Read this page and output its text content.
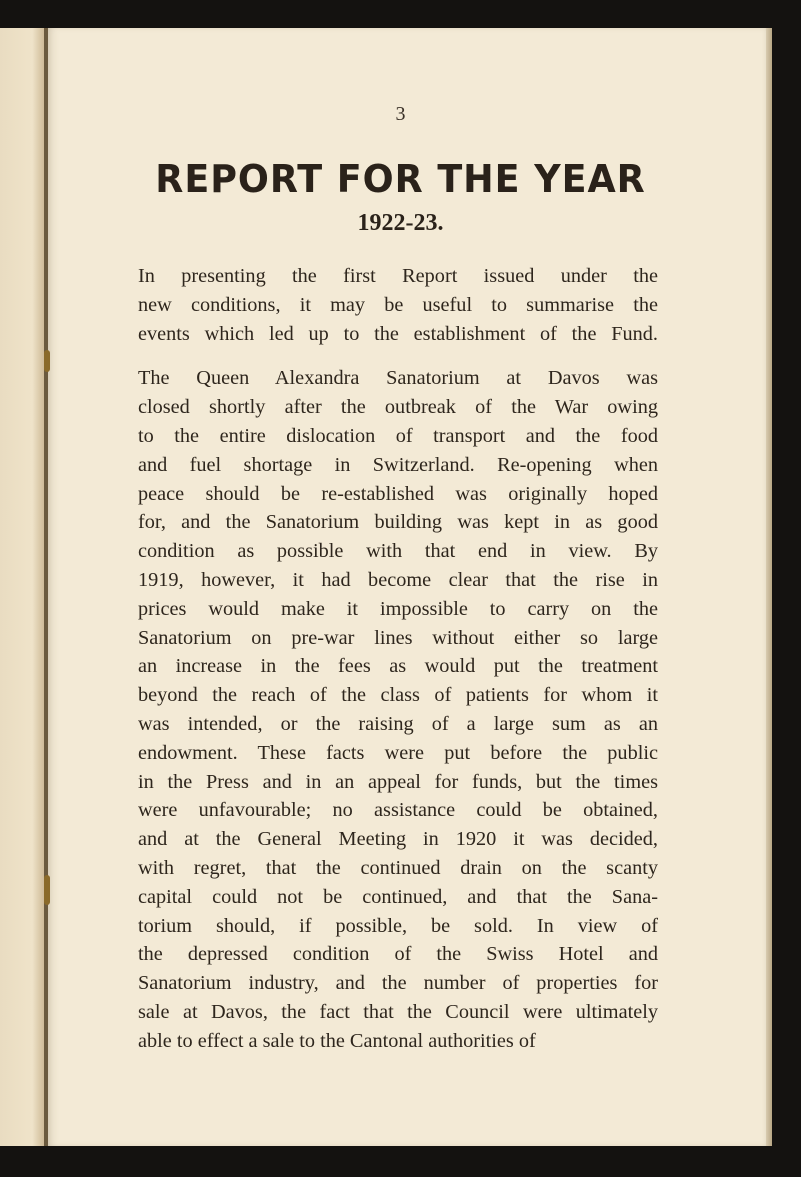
3
REPORT FOR THE YEAR
1922-23.
In presenting the first Report issued under the
new conditions, it may be useful to summarise the
events which led up to the establishment of the Fund.
The Queen Alexandra Sanatorium at Davos was
closed shortly after the outbreak of the War owing
to the entire dislocation of transport and the food
and fuel shortage in Switzerland. Re-opening when
peace should be re-established was originally hoped
for, and the Sanatorium building was kept in as good
condition as possible with that end in view. By
1919, however, it had become clear that the rise in
prices would make it impossible to carry on the
Sanatorium on pre-war lines without either so large
an increase in the fees as would put the treatment
beyond the reach of the class of patients for whom it
was intended, or the raising of a large sum as an
endowment. These facts were put before the public
in the Press and in an appeal for funds, but the times
were unfavourable; no assistance could be obtained,
and at the General Meeting in 1920 it was decided,
with regret, that the continued drain on the scanty
capital could not be continued, and that the Sana-
torium should, if possible, be sold. In view of
the depressed condition of the Swiss Hotel and
Sanatorium industry, and the number of properties for
sale at Davos, the fact that the Council were ultimately
able to effect a sale to the Cantonal authorities of
